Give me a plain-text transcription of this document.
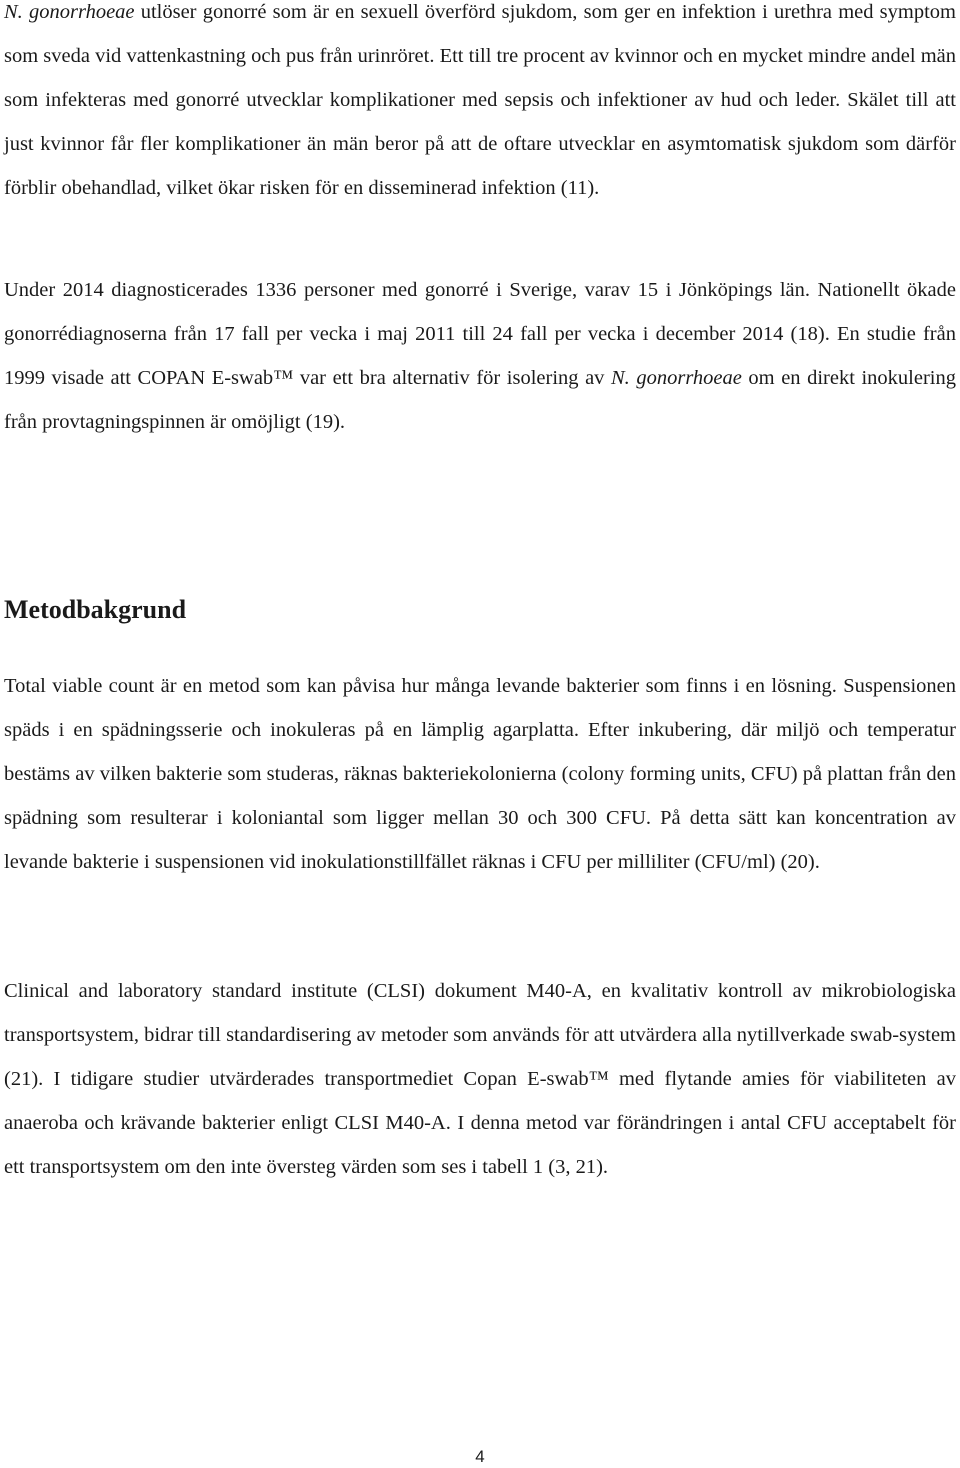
N. gonorrhoeae utlöser gonorré som är en sexuell överförd sjukdom, som ger en infektion i urethra med symptom som sveda vid vattenkastning och pus från urinröret. Ett till tre procent av kvinnor och en mycket mindre andel män som infekteras med gonorré utvecklar komplikationer med sepsis och infektioner av hud och leder. Skälet till att just kvinnor får fler komplikationer än män beror på att de oftare utvecklar en asymtomatisk sjukdom som därför förblir obehandlad, vilket ökar risken för en disseminerad infektion (11).

Under 2014 diagnosticerades 1336 personer med gonorré i Sverige, varav 15 i Jönköpings län. Nationellt ökade gonorrédiagnoserna från 17 fall per vecka i maj 2011 till 24 fall per vecka i december 2014 (18). En studie från 1999 visade att COPAN E-swab™ var ett bra alternativ för isolering av N. gonorrhoeae om en direkt inokulering från provtagningspinnen är omöjligt (19).

Metodbakgrund

Total viable count är en metod som kan påvisa hur många levande bakterier som finns i en lösning. Suspensionen späds i en spädningsserie och inokuleras på en lämplig agarplatta. Efter inkubering, där miljö och temperatur bestäms av vilken bakterie som studeras, räknas bakteriekolonierna (colony forming units, CFU) på plattan från den spädning som resulterar i koloniantal som ligger mellan 30 och 300 CFU. På detta sätt kan koncentration av levande bakterie i suspensionen vid inokulationstillfället räknas i CFU per milliliter (CFU/ml) (20).

Clinical and laboratory standard institute (CLSI) dokument M40-A, en kvalitativ kontroll av mikrobiologiska transportsystem, bidrar till standardisering av metoder som används för att utvärdera alla nytillverkade swab-system (21). I tidigare studier utvärderades transportmediet Copan E-swab™ med flytande amies för viabiliteten av anaeroba och krävande bakterier enligt CLSI M40-A. I denna metod var förändringen i antal CFU acceptabelt för ett transportsystem om den inte översteg värden som ses i tabell 1 (3, 21).

4
